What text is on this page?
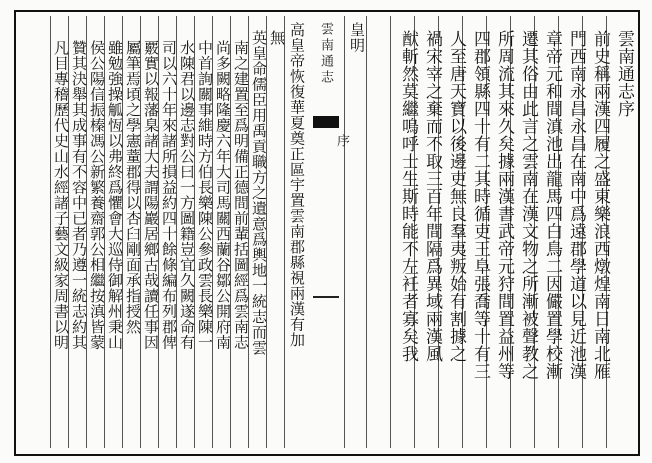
雲南通志
序
雲南通志序
前史稱兩漢四履之盛東樂浪西燉煌南日南北雁
門西南永昌永昌在南中爲遠郡學道以見近池漢
章帝元和間滇池出龍馬四白鳥二因儼置學校漸
遷其俗由此言之雲南在漢文物之所漸被聲教之
所周流其來久矣據兩漢書武帝元狩間置益州等
四郡領縣四十有二其時循吏王阜張喬等十有三
人至唐天寶以後邊吏無良羣夷叛始有割據之
禍宋宰之棄而不取三百年間隔爲異域兩漢風
猷斬然莫繼嗚呼士生斯時能不左衽者寡矣我
皇明
高皇帝恢復華夏奠正區宇置雲南郡縣視兩漢有加
無
英皇命儒臣用禹貢職方之遺意爲輿地一統志而雲
南之建置至爲明備正德間前輩括圖經爲雲南志
尚多闕略隆慶六年大司馬關西蘭谷鄒公開府南
中首詢關事維時方伯長樂陳公參政雲長樂陳一
水陳君以邊志對公曰一方圖籍豈宜久闕遂命有
司以六十年來諸所損益約四十餘條編布列郡俾
覈實以報藩臬諸大夫謂陽巖居鄉古哉讀任事因
屬筆焉頃之學憲蕫郡得以杏臼剛面承指授然
雖勉強操觚恆以弗終爲懼會大巡侍御解州秉山
侯公陽信振榛馮公新繁養齋郭公相繼按滇皆蒙
贊其決舉其成事有不容中已者乃遵一統志約其
凡目專稽歷代史山水經諸子藝文級家周書以明
